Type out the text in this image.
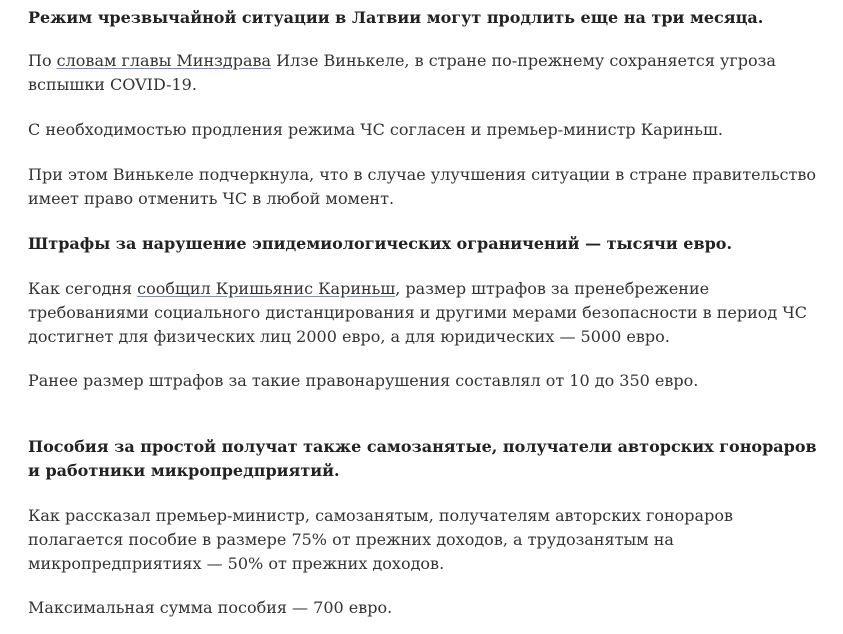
Режим чрезвычайной ситуации в Латвии могут продлить еще на три месяца.

По словам главы Минздрава Илзе Винькеле, в стране по-прежнему сохраняется угроза вспышки COVID-19.

С необходимостью продления режима ЧС согласен и премьер-министр Кариньш.

При этом Винькеле подчеркнула, что в случае улучшения ситуации в стране правительство имеет право отменить ЧС в любой момент.

Штрафы за нарушение эпидемиологических ограничений — тысячи евро.

Как сегодня сообщил Кришьянис Кариньш, размер штрафов за пренебрежение требованиями социального дистанцирования и другими мерами безопасности в период ЧС достигнет для физических лиц 2000 евро, а для юридических — 5000 евро.

Ранее размер штрафов за такие правонарушения составлял от 10 до 350 евро.

Пособия за простой получат также самозанятые, получатели авторских гонораров и работники микропредприятий.

Как рассказал премьер-министр, самозанятым, получателям авторских гонораров полагается пособие в размере 75% от прежних доходов, а трудозанятым на микропредприятиях — 50% от прежних доходов.

Максимальная сумма пособия — 700 евро.
